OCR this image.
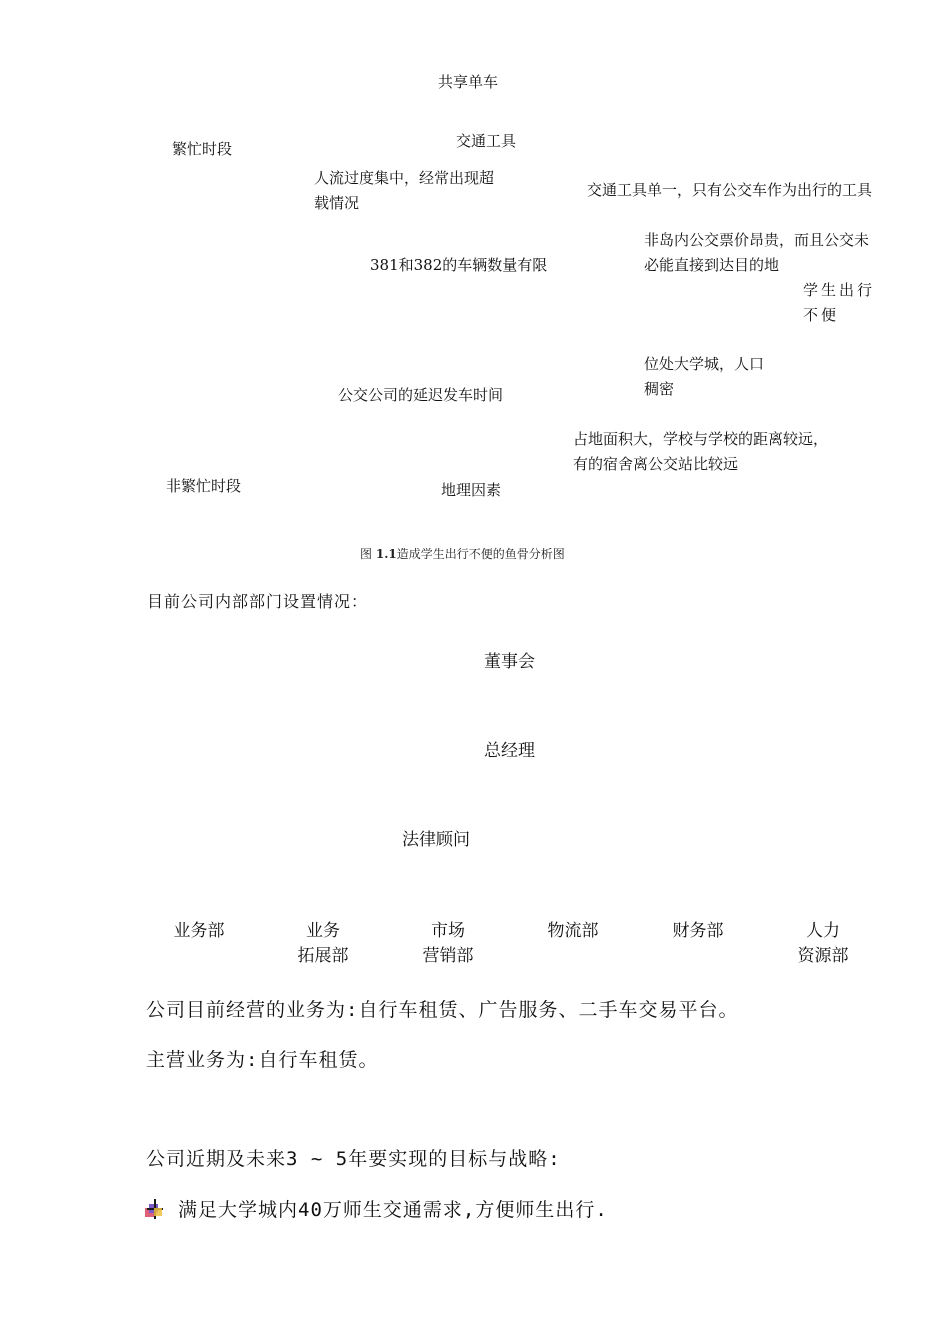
共享单车
繁忙时段	交通工具
人流过度集中，经常出现超载情况
交通工具单一，只有公交车作为出行的工具
非岛内公交票价昂贵，而且公交未必能直接到达目的地
381和382的车辆数量有限
学生出行不便
位处大学城，人口稠密
公交公司的延迟发车时间
占地面积大，学校与学校的距离较远，有的宿舍离公交站比较远
非繁忙时段	地理因素
图 1.1造成学生出行不便的鱼骨分析图
目前公司内部部门设置情况：
董事会
总经理
法律顾问
业务部	业务
拓展部
市场
营销部
物流部	财务部	人力
资源部
公司目前经营的业务为:自行车租赁、广告服务、二手车交易平台。
主营业务为:自行车租赁。
公司近期及未来3 ~ 5年要实现的目标与战略:
满足大学城内40万师生交通需求,方便师生出行.
